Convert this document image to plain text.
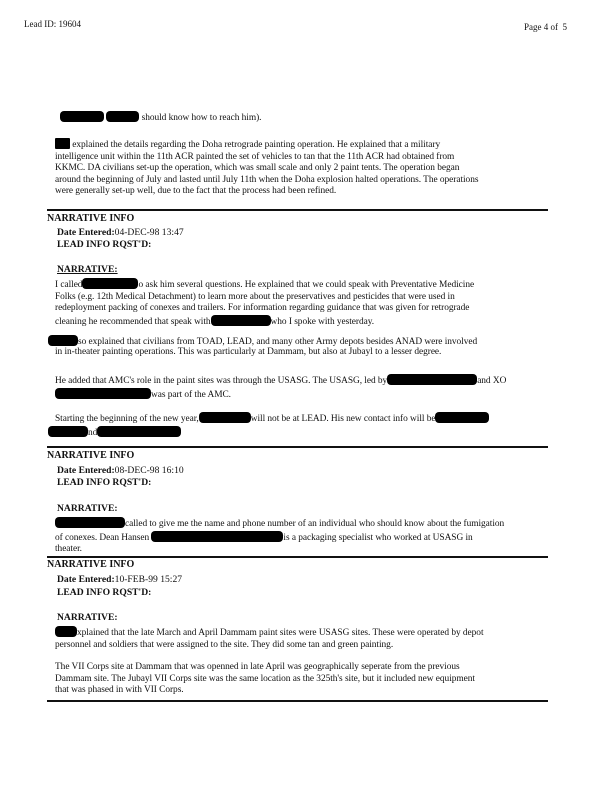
Lead ID: 19604	Page 4 of 5
should know how to reach him).
explained the details regarding the Doha retrograde painting operation. He explained that a military
intelligence unit within the 11th ACR painted the set of vehicles to tan that the 11th ACR had obtained from
KKMC. DA civilians set-up the operation, which was small scale and only 2 paint tents. The operation began
around the beginning of July and lasted until July 11th when the Doha explosion halted operations. The operations
were generally set-up well, due to the fact that the process had been refined.
NARRATIVE INFO
Date Entered:04-DEC-98 13:47
LEAD INFO RQST'D:
NARRATIVE:
I called	o ask him several questions. He explained that we could speak with Preventative Medicine
Folks (e.g. 12th Medical Detachment) to learn more about the preservatives and pesticides that were used in
redeployment packing of conexes and trailers. For information regarding guidance that was given for retrograde
cleaning he recommended that speak with	who I spoke with yesterday.
so explained that civilians from TOAD, LEAD, and many other Army depots besides ANAD were involved
in in-theater painting operations. This was particularly at Dammam, but also at Jubayl to a lesser degree.
He added that AMC's role in the paint sites was through the USASG. The USASG, led by	and XO
was part of the AMC.
Starting the beginning of the new year,	will not be at LEAD. His new contact info will be
nd
NARRATIVE INFO
Date Entered:08-DEC-98 16:10
LEAD INFO RQST'D:
NARRATIVE:
called to give me the name and phone number of an individual who should know about the fumigation
of conexes. Dean Hansen	is a packaging specialist who worked at USASG in
theater.
NARRATIVE INFO
Date Entered:10-FEB-99 15:27
LEAD INFO RQST'D:
NARRATIVE:
xplained that the late March and April Dammam paint sites were USASG sites. These were operated by depot
personnel and soldiers that were assigned to the site. They did some tan and green painting.
The VII Corps site at Dammam that was openned in late April was geographically seperate from the previous
Dammam site. The Jubayl VII Corps site was the same location as the 325th's site, but it included new equipment
that was phased in with VII Corps.
